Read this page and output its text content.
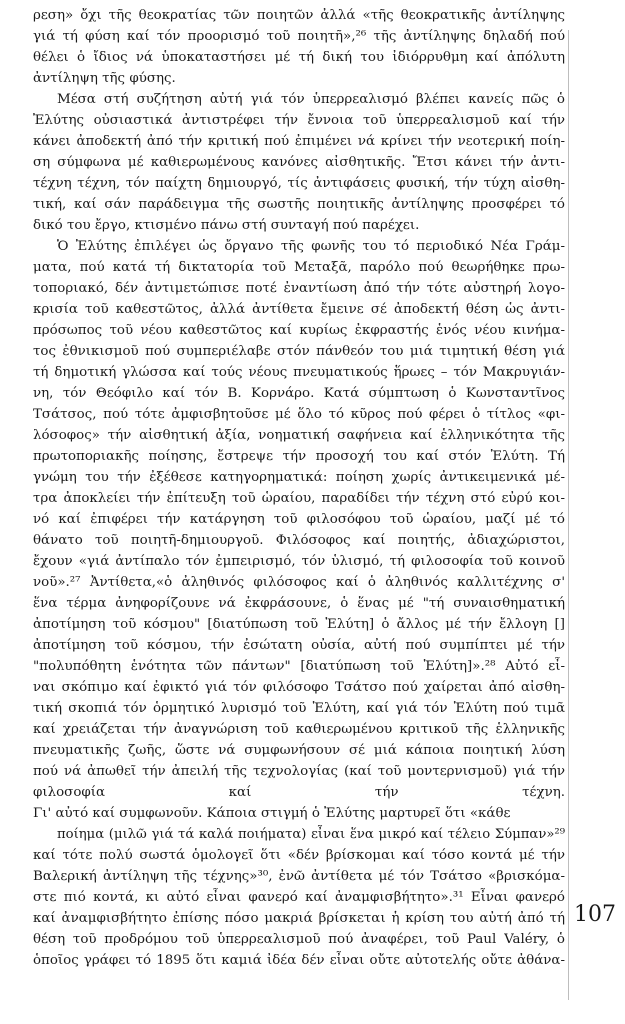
ρεση» ὄχι τῆς θεοκρατίας τῶν ποιητῶν ἀλλά «τῆς θεοκρατικῆς ἀντίληψης
γιά τή φύση καί τόν προορισμό τοῦ ποιητῆ»,²⁶ τῆς ἀντίληψης δηλαδή πού
θέλει ὁ ἴδιος νά ὑποκαταστήσει μέ τή δική του ἰδιόρρυθμη καί ἀπόλυτη
ἀντίληψη τῆς φύσης.
Μέσα στή συζήτηση αὐτή γιά τόν ὑπερρεαλισμό βλέπει κανείς πῶς ὁ
Ἐλύτης οὐσιαστικά ἀντιστρέφει τήν ἔννοια τοῦ ὑπερρεαλισμοῦ καί τήν
κάνει ἀποδεκτή ἀπό τήν κριτική πού ἐπιμένει νά κρίνει τήν νεοτερική ποίη-
ση σύμφωνα μέ καθιερωμένους κανόνες αἰσθητικῆς. Ἔτσι κάνει τήν ἀντι-
τέχνη τέχνη, τόν παίχτη δημιουργό, τίς ἀντιφάσεις φυσική, τήν τύχη αἰσθη-
τική, καί σάν παράδειγμα τῆς σωστῆς ποιητικῆς ἀντίληψης προσφέρει τό
δικό του ἔργο, κτισμένο πάνω στή συνταγή πού παρέχει.
Ὁ Ἐλύτης ἐπιλέγει ὡς ὄργανο τῆς φωνῆς του τό περιοδικό Νέα Γράμ-
ματα, πού κατά τή δικτατορία τοῦ Μεταξᾶ, παρόλο πού θεωρήθηκε πρω-
τοποριακό, δέν ἀντιμετώπισε ποτέ ἐναντίωση ἀπό τήν τότε αὐστηρή λογο-
κρισία τοῦ καθεστῶτος, ἀλλά ἀντίθετα ἔμεινε σέ ἀποδεκτή θέση ὡς ἀντι-
πρόσωπος τοῦ νέου καθεστῶτος καί κυρίως ἐκφραστής ἑνός νέου κινήμα-
τος ἐθνικισμοῦ πού συμπεριέλαβε στόν πάνθεόν του μιά τιμητική θέση γιά
τή δημοτική γλώσσα καί τούς νέους πνευματικούς ἥρωες – τόν Μακρυγιάν-
νη, τόν Θεόφιλο καί τόν Β. Κορνάρο. Κατά σύμπτωση ὁ Κωνσταντῖνος
Τσάτσος, πού τότε ἀμφισβητοῦσε μέ ὅλο τό κῦρος πού φέρει ὁ τίτλος «φι-
λόσοφος» τήν αἰσθητική ἀξία, νοηματική σαφήνεια καί ἑλληνικότητα τῆς
πρωτοποριακῆς ποίησης, ἔστρεψε τήν προσοχή του καί στόν Ἐλύτη. Τή
γνώμη του τήν ἐξέθεσε κατηγορηματικά: ποίηση χωρίς ἀντικειμενικά μέ-
τρα ἀποκλείει τήν ἐπίτευξη τοῦ ὡραίου, παραδίδει τήν τέχνη στό εὐρύ κοι-
νό καί ἐπιφέρει τήν κατάργηση τοῦ φιλοσόφου τοῦ ὡραίου, μαζί μέ τό
θάνατο τοῦ ποιητῆ-δημιουργοῦ. Φιλόσοφος καί ποιητής, ἀδιαχώριστοι,
ἔχουν «γιά ἀντίπαλο τόν ἐμπειρισμό, τόν ὑλισμό, τή φιλοσοφία τοῦ κοινοῦ
νοῦ».²⁷ Ἀντίθετα,«ὁ ἀληθινός φιλόσοφος καί ὁ ἀληθινός καλλιτέχνης σ'
ἕνα τέρμα ἀνηφορίζουνε νά ἐκφράσουνε, ὁ ἕνας μέ "τή συναισθηματική
ἀποτίμηση τοῦ κόσμου" [διατύπωση τοῦ Ἐλύτη] ὁ ἄλλος μέ τήν ἔλλογη []
ἀποτίμηση τοῦ κόσμου, τήν ἐσώτατη οὐσία, αὐτή πού συμπίπτει μέ τήν
"πολυπόθητη ἑνότητα τῶν πάντων" [διατύπωση τοῦ Ἐλύτη]».²⁸ Αὐτό εἶ-
ναι σκόπιμο καί ἐφικτό γιά τόν φιλόσοφο Τσάτσο πού χαίρεται ἀπό αἰσθη-
τική σκοπιά τόν ὁρμητικό λυρισμό τοῦ Ἐλύτη, καί γιά τόν Ἐλύτη πού τιμᾶ
καί χρειάζεται τήν ἀναγνώριση τοῦ καθιερωμένου κριτικοῦ τῆς ἑλληνικῆς
πνευματικῆς ζωῆς, ὥστε νά συμφωνήσουν σέ μιά κάποια ποιητική λύση
πού νά ἀπωθεῖ τήν ἀπειλή τῆς τεχνολογίας (καί τοῦ μοντερνισμοῦ) γιά τήν
φιλοσοφία καί τήν τέχνη.
Γι' αὐτό καί συμφωνοῦν. Κάποια στιγμή ὁ Ἐλύτης μαρτυρεῖ ὅτι «κάθε
ποίημα (μιλῶ γιά τά καλά ποιήματα) εἶναι ἕνα μικρό καί τέλειο Σύμπαν»²⁹
καί τότε πολύ σωστά ὁμολογεῖ ὅτι «δέν βρίσκομαι καί τόσο κοντά μέ τήν
Βαλερική ἀντίληψη τῆς τέχνης»³⁰, ἐνῶ ἀντίθετα μέ τόν Τσάτσο «βρισκόμα-
στε πιό κοντά, κι αὐτό εἶναι φανερό καί ἀναμφισβήτητο».³¹ Εἶναι φανερό
καί ἀναμφισβήτητο ἐπίσης πόσο μακριά βρίσκεται ἡ κρίση του αὐτή ἀπό τή
θέση τοῦ προδρόμου τοῦ ὑπερρεαλισμοῦ πού ἀναφέρει, τοῦ Paul Valéry, ὁ
ὁποῖος γράφει τό 1895 ὅτι καμιά ἰδέα δέν εἶναι οὔτε αὐτοτελής οὔτε ἀθάνα-
107
